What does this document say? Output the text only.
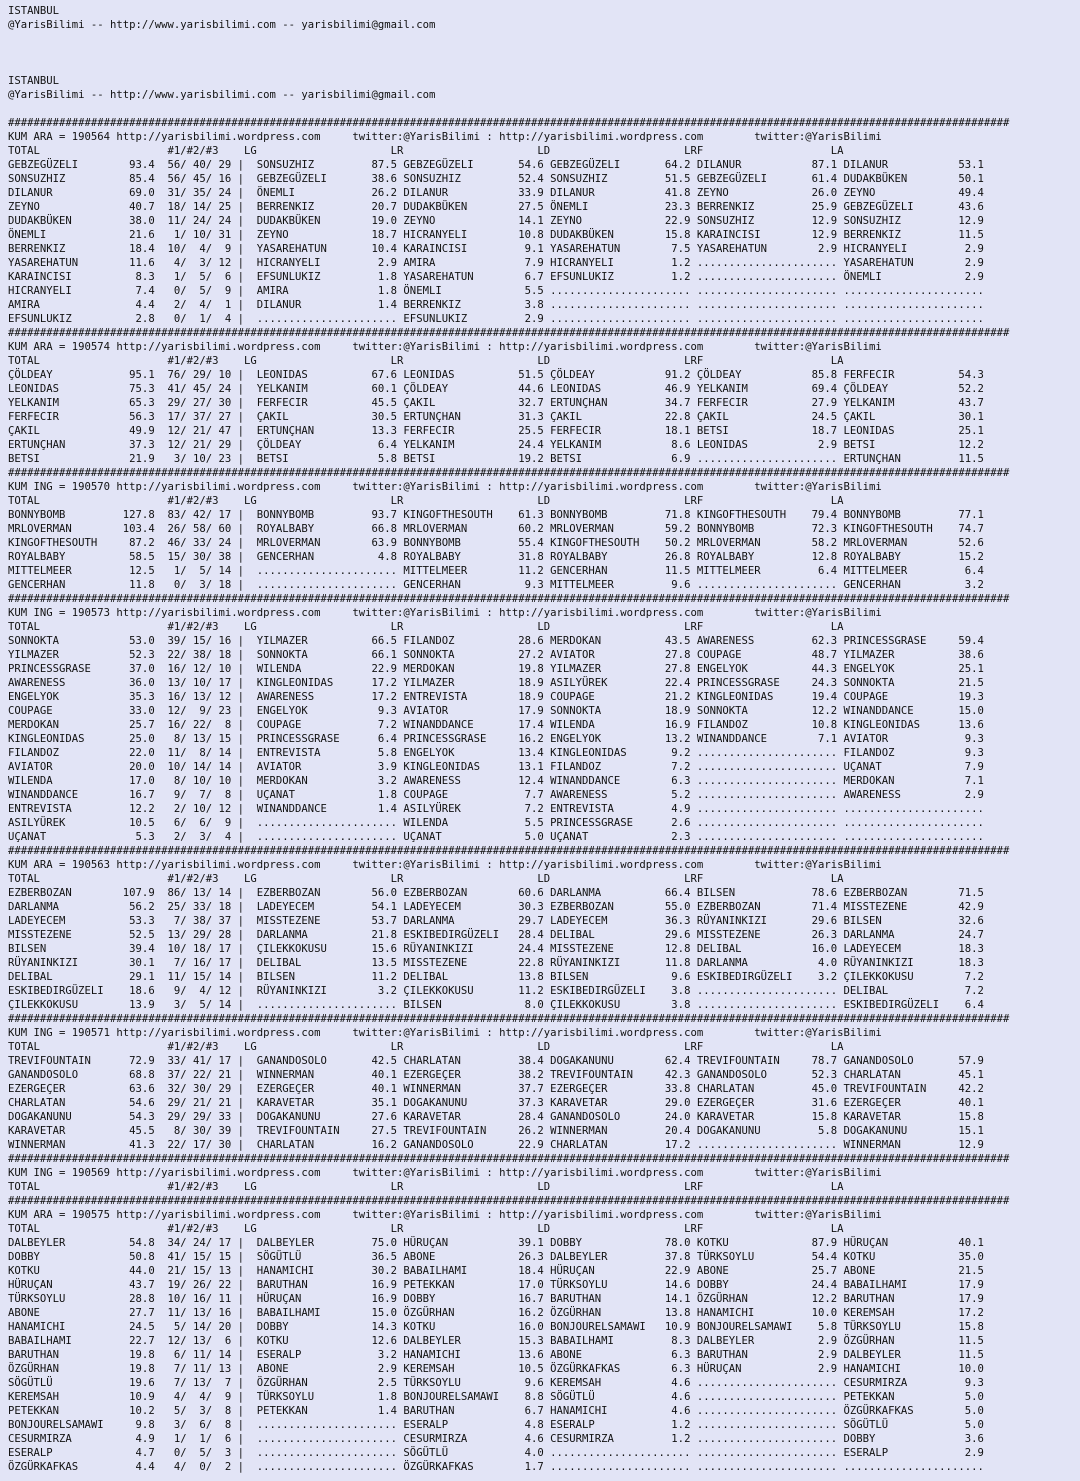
ISTANBUL
@YarisBilimi -- http://www.yarisbilimi.com -- yarisbilimi@gmail.com
ISTANBUL
@YarisBilimi -- http://www.yarisbilimi.com -- yarisbilimi@gmail.com
#############################################################################################################################################################
KUM ARA = 190564 http://yarisbilimi.wordpress.com     twitter:@YarisBilimi : http://yarisbilimi.wordpress.com        twitter:@YarisBilimi
TOTAL                    #1/#2/#3    LG                     LR                     LD                     LRF                    LA
GEBZEGÜZELI        93.4  56/ 40/ 29 |  SONSUZHIZ         87.5 GEBZEGÜZELI       54.6 GEBZEGÜZELI       64.2 DILANUR           87.1 DILANUR           53.1
SONSUZHIZ          85.4  56/ 45/ 16 |  GEBZEGÜZELI       38.6 SONSUZHIZ         52.4 SONSUZHIZ         51.5 GEBZEGÜZELI       61.4 DUDAKBÜKEN        50.1
DILANUR            69.0  31/ 35/ 24 |  ÖNEMLI            26.2 DILANUR           33.9 DILANUR           41.8 ZEYNO             26.0 ZEYNO             49.4
ZEYNO              40.7  18/ 14/ 25 |  BERRENKIZ         20.7 DUDAKBÜKEN        27.5 ÖNEMLI            23.3 BERRENKIZ         25.9 GEBZEGÜZELI       43.6
DUDAKBÜKEN         38.0  11/ 24/ 24 |  DUDAKBÜKEN        19.0 ZEYNO             14.1 ZEYNO             22.9 SONSUZHIZ         12.9 SONSUZHIZ         12.9
ÖNEMLI             21.6   1/ 10/ 31 |  ZEYNO             18.7 HICRANYELI        10.8 DUDAKBÜKEN        15.8 KARAINCISI        12.9 BERRENKIZ         11.5
BERRENKIZ          18.4  10/  4/  9 |  YASAREHATUN       10.4 KARAINCISI         9.1 YASAREHATUN        7.5 YASAREHATUN        2.9 HICRANYELI         2.9
YASAREHATUN        11.6   4/  3/ 12 |  HICRANYELI         2.9 AMIRA              7.9 HICRANYELI         1.2 ...................... YASAREHATUN        2.9
KARAINCISI          8.3   1/  5/  6 |  EFSUNLUKIZ         1.8 YASAREHATUN        6.7 EFSUNLUKIZ         1.2 ...................... ÖNEMLI             2.9
HICRANYELI          7.4   0/  5/  9 |  AMIRA              1.8 ÖNEMLI             5.5 ...................... ...................... ......................
AMIRA               4.4   2/  4/  1 |  DILANUR            1.4 BERRENKIZ          3.8 ...................... ...................... ......................
EFSUNLUKIZ          2.8   0/  1/  4 |  ...................... EFSUNLUKIZ         2.9 ...................... ...................... ......................
#############################################################################################################################################################
KUM ARA = 190574 http://yarisbilimi.wordpress.com     twitter:@YarisBilimi : http://yarisbilimi.wordpress.com        twitter:@YarisBilimi
TOTAL                    #1/#2/#3    LG                     LR                     LD                     LRF                    LA
ÇÖLDEAY            95.1  76/ 29/ 10 |  LEONIDAS          67.6 LEONIDAS          51.5 ÇÖLDEAY           91.2 ÇÖLDEAY           85.8 FERFECIR          54.3
LEONIDAS           75.3  41/ 45/ 24 |  YELKANIM          60.1 ÇÖLDEAY           44.6 LEONIDAS          46.9 YELKANIM          69.4 ÇÖLDEAY           52.2
YELKANIM           65.3  29/ 27/ 30 |  FERFECIR          45.5 ÇAKIL             32.7 ERTUNÇHAN         34.7 FERFECIR          27.9 YELKANIM          43.7
FERFECIR           56.3  17/ 37/ 27 |  ÇAKIL             30.5 ERTUNÇHAN         31.3 ÇAKIL             22.8 ÇAKIL             24.5 ÇAKIL             30.1
ÇAKIL              49.9  12/ 21/ 47 |  ERTUNÇHAN         13.3 FERFECIR          25.5 FERFECIR          18.1 BETSI             18.7 LEONIDAS          25.1
ERTUNÇHAN          37.3  12/ 21/ 29 |  ÇÖLDEAY            6.4 YELKANIM          24.4 YELKANIM           8.6 LEONIDAS           2.9 BETSI             12.2
BETSI              21.9   3/ 10/ 23 |  BETSI              5.8 BETSI             19.2 BETSI              6.9 ...................... ERTUNÇHAN         11.5
#############################################################################################################################################################
KUM ING = 190570 http://yarisbilimi.wordpress.com     twitter:@YarisBilimi : http://yarisbilimi.wordpress.com        twitter:@YarisBilimi
TOTAL                    #1/#2/#3    LG                     LR                     LD                     LRF                    LA
BONNYBOMB         127.8  83/ 42/ 17 |  BONNYBOMB         93.7 KINGOFTHESOUTH    61.3 BONNYBOMB         71.8 KINGOFTHESOUTH    79.4 BONNYBOMB         77.1
MRLOVERMAN        103.4  26/ 58/ 60 |  ROYALBABY         66.8 MRLOVERMAN        60.2 MRLOVERMAN        59.2 BONNYBOMB         72.3 KINGOFTHESOUTH    74.7
KINGOFTHESOUTH     87.2  46/ 33/ 24 |  MRLOVERMAN        63.9 BONNYBOMB         55.4 KINGOFTHESOUTH    50.2 MRLOVERMAN        58.2 MRLOVERMAN        52.6
ROYALBABY          58.5  15/ 30/ 38 |  GENCERHAN          4.8 ROYALBABY         31.8 ROYALBABY         26.8 ROYALBABY         12.8 ROYALBABY         15.2
MITTELMEER         12.5   1/  5/ 14 |  ...................... MITTELMEER        11.2 GENCERHAN         11.5 MITTELMEER         6.4 MITTELMEER         6.4
GENCERHAN          11.8   0/  3/ 18 |  ...................... GENCERHAN          9.3 MITTELMEER         9.6 ...................... GENCERHAN          3.2
#############################################################################################################################################################
KUM ING = 190573 http://yarisbilimi.wordpress.com     twitter:@YarisBilimi : http://yarisbilimi.wordpress.com        twitter:@YarisBilimi
TOTAL                    #1/#2/#3    LG                     LR                     LD                     LRF                    LA
SONNOKTA           53.0  39/ 15/ 16 |  YILMAZER          66.5 FILANDOZ          28.6 MERDOKAN          43.5 AWARENESS         62.3 PRINCESSGRASE     59.4
YILMAZER           52.3  22/ 38/ 18 |  SONNOKTA          66.1 SONNOKTA          27.2 AVIATOR           27.8 COUPAGE           48.7 YILMAZER          38.6
PRINCESSGRASE      37.0  16/ 12/ 10 |  WILENDA           22.9 MERDOKAN          19.8 YILMAZER          27.8 ENGELYOK          44.3 ENGELYOK          25.1
AWARENESS          36.0  13/ 10/ 17 |  KINGLEONIDAS      17.2 YILMAZER          18.9 ASILYÜREK         22.4 PRINCESSGRASE     24.3 SONNOKTA          21.5
ENGELYOK           35.3  16/ 13/ 12 |  AWARENESS         17.2 ENTREVISTA        18.9 COUPAGE           21.2 KINGLEONIDAS      19.4 COUPAGE           19.3
COUPAGE            33.0  12/  9/ 23 |  ENGELYOK           9.3 AVIATOR           17.9 SONNOKTA          18.9 SONNOKTA          12.2 WINANDDANCE       15.0
MERDOKAN           25.7  16/ 22/  8 |  COUPAGE            7.2 WINANDDANCE       17.4 WILENDA           16.9 FILANDOZ          10.8 KINGLEONIDAS      13.6
KINGLEONIDAS       25.0   8/ 13/ 15 |  PRINCESSGRASE      6.4 PRINCESSGRASE     16.2 ENGELYOK          13.2 WINANDDANCE        7.1 AVIATOR            9.3
FILANDOZ           22.0  11/  8/ 14 |  ENTREVISTA         5.8 ENGELYOK          13.4 KINGLEONIDAS       9.2 ...................... FILANDOZ           9.3
AVIATOR            20.0  10/ 14/ 14 |  AVIATOR            3.9 KINGLEONIDAS      13.1 FILANDOZ           7.2 ...................... UÇANAT             7.9
WILENDA            17.0   8/ 10/ 10 |  MERDOKAN           3.2 AWARENESS         12.4 WINANDDANCE        6.3 ...................... MERDOKAN           7.1
WINANDDANCE        16.7   9/  7/  8 |  UÇANAT             1.8 COUPAGE            7.7 AWARENESS          5.2 ...................... AWARENESS          2.9
ENTREVISTA         12.2   2/ 10/ 12 |  WINANDDANCE        1.4 ASILYÜREK          7.2 ENTREVISTA         4.9 ...................... ......................
ASILYÜREK          10.5   6/  6/  9 |  ...................... WILENDA            5.5 PRINCESSGRASE      2.6 ...................... ......................
UÇANAT              5.3   2/  3/  4 |  ...................... UÇANAT             5.0 UÇANAT             2.3 ...................... ......................
#############################################################################################################################################################
KUM ARA = 190563 http://yarisbilimi.wordpress.com     twitter:@YarisBilimi : http://yarisbilimi.wordpress.com        twitter:@YarisBilimi
TOTAL                    #1/#2/#3    LG                     LR                     LD                     LRF                    LA
EZBERBOZAN        107.9  86/ 13/ 14 |  EZBERBOZAN        56.0 EZBERBOZAN        60.6 DARLANMA          66.4 BILSEN            78.6 EZBERBOZAN        71.5
DARLANMA           56.2  25/ 33/ 18 |  LADEYECEM         54.1 LADEYECEM         30.3 EZBERBOZAN        55.0 EZBERBOZAN        71.4 MISSTEZENE        42.9
LADEYECEM          53.3   7/ 38/ 37 |  MISSTEZENE        53.7 DARLANMA          29.7 LADEYECEM         36.3 RÜYANINKIZI       29.6 BILSEN            32.6
MISSTEZENE         52.5  13/ 29/ 28 |  DARLANMA          21.8 ESKIBEDIRGÜZELI   28.4 DELIBAL           29.6 MISSTEZENE        26.3 DARLANMA          24.7
BILSEN             39.4  10/ 18/ 17 |  ÇILEKKOKUSU       15.6 RÜYANINKIZI       24.4 MISSTEZENE        12.8 DELIBAL           16.0 LADEYECEM         18.3
RÜYANINKIZI        30.1   7/ 16/ 17 |  DELIBAL           13.5 MISSTEZENE        22.8 RÜYANINKIZI       11.8 DARLANMA           4.0 RÜYANINKIZI       18.3
DELIBAL            29.1  11/ 15/ 14 |  BILSEN            11.2 DELIBAL           13.8 BILSEN             9.6 ESKIBEDIRGÜZELI    3.2 ÇILEKKOKUSU        7.2
ESKIBEDIRGÜZELI    18.6   9/  4/ 12 |  RÜYANINKIZI        3.2 ÇILEKKOKUSU       11.2 ESKIBEDIRGÜZELI    3.8 ...................... DELIBAL            7.2
ÇILEKKOKUSU        13.9   3/  5/ 14 |  ...................... BILSEN             8.0 ÇILEKKOKUSU        3.8 ...................... ESKIBEDIRGÜZELI    6.4
#############################################################################################################################################################
KUM ING = 190571 http://yarisbilimi.wordpress.com     twitter:@YarisBilimi : http://yarisbilimi.wordpress.com        twitter:@YarisBilimi
TOTAL                    #1/#2/#3    LG                     LR                     LD                     LRF                    LA
TREVIFOUNTAIN      72.9  33/ 41/ 17 |  GANANDOSOLO       42.5 CHARLATAN         38.4 DOGAKANUNU        62.4 TREVIFOUNTAIN     78.7 GANANDOSOLO       57.9
GANANDOSOLO        68.8  37/ 22/ 21 |  WINNERMAN         40.1 EZERGEÇER         38.2 TREVIFOUNTAIN     42.3 GANANDOSOLO       52.3 CHARLATAN         45.1
EZERGEÇER          63.6  32/ 30/ 29 |  EZERGEÇER         40.1 WINNERMAN         37.7 EZERGEÇER         33.8 CHARLATAN         45.0 TREVIFOUNTAIN     42.2
CHARLATAN          54.6  29/ 21/ 21 |  KARAVETAR         35.1 DOGAKANUNU        37.3 KARAVETAR         29.0 EZERGEÇER         31.6 EZERGEÇER         40.1
DOGAKANUNU         54.3  29/ 29/ 33 |  DOGAKANUNU        27.6 KARAVETAR         28.4 GANANDOSOLO       24.0 KARAVETAR         15.8 KARAVETAR         15.8
KARAVETAR          45.5   8/ 30/ 39 |  TREVIFOUNTAIN     27.5 TREVIFOUNTAIN     26.2 WINNERMAN         20.4 DOGAKANUNU         5.8 DOGAKANUNU        15.1
WINNERMAN          41.3  22/ 17/ 30 |  CHARLATAN         16.2 GANANDOSOLO       22.9 CHARLATAN         17.2 ...................... WINNERMAN         12.9
#############################################################################################################################################################
KUM ING = 190569 http://yarisbilimi.wordpress.com     twitter:@YarisBilimi : http://yarisbilimi.wordpress.com        twitter:@YarisBilimi
TOTAL                    #1/#2/#3    LG                     LR                     LD                     LRF                    LA
#############################################################################################################################################################
KUM ARA = 190575 http://yarisbilimi.wordpress.com     twitter:@YarisBilimi : http://yarisbilimi.wordpress.com        twitter:@YarisBilimi
TOTAL                    #1/#2/#3    LG                     LR                     LD                     LRF                    LA
DALBEYLER          54.8  34/ 24/ 17 |  DALBEYLER         75.0 HÜRUÇAN           39.1 DOBBY             78.0 KOTKU             87.9 HÜRUÇAN           40.1
DOBBY              50.8  41/ 15/ 15 |  SÖGÜTLÜ           36.5 ABONE             26.3 DALBEYLER         37.8 TÜRKSOYLU         54.4 KOTKU             35.0
KOTKU              44.0  21/ 15/ 13 |  HANAMICHI         30.2 BABAILHAMI        18.4 HÜRUÇAN           22.9 ABONE             25.7 ABONE             21.5
HÜRUÇAN            43.7  19/ 26/ 22 |  BARUTHAN          16.9 PETEKKAN          17.0 TÜRKSOYLU         14.6 DOBBY             24.4 BABAILHAMI        17.9
TÜRKSOYLU          28.8  10/ 16/ 11 |  HÜRUÇAN           16.9 DOBBY             16.7 BARUTHAN          14.1 ÖZGÜRHAN          12.2 BARUTHAN          17.9
ABONE              27.7  11/ 13/ 16 |  BABAILHAMI        15.0 ÖZGÜRHAN          16.2 ÖZGÜRHAN          13.8 HANAMICHI         10.0 KEREMSAH          17.2
HANAMICHI          24.5   5/ 14/ 20 |  DOBBY             14.3 KOTKU             16.0 BONJOURELSAMAWI   10.9 BONJOURELSAMAWI    5.8 TÜRKSOYLU         15.8
BABAILHAMI         22.7  12/ 13/  6 |  KOTKU             12.6 DALBEYLER         15.3 BABAILHAMI         8.3 DALBEYLER          2.9 ÖZGÜRHAN          11.5
BARUTHAN           19.8   6/ 11/ 14 |  ESERALP            3.2 HANAMICHI         13.6 ABONE              6.3 BARUTHAN           2.9 DALBEYLER         11.5
ÖZGÜRHAN           19.8   7/ 11/ 13 |  ABONE              2.9 KEREMSAH          10.5 ÖZGÜRKAFKAS        6.3 HÜRUÇAN            2.9 HANAMICHI         10.0
SÖGÜTLÜ            19.6   7/ 13/  7 |  ÖZGÜRHAN           2.5 TÜRKSOYLU          9.6 KEREMSAH           4.6 ...................... CESURMIRZA         9.3
KEREMSAH           10.9   4/  4/  9 |  TÜRKSOYLU          1.8 BONJOURELSAMAWI    8.8 SÖGÜTLÜ            4.6 ...................... PETEKKAN           5.0
PETEKKAN           10.2   5/  3/  8 |  PETEKKAN           1.4 BARUTHAN           6.7 HANAMICHI          4.6 ...................... ÖZGÜRKAFKAS        5.0
BONJOURELSAMAWI     9.8   3/  6/  8 |  ...................... ESERALP            4.8 ESERALP            1.2 ...................... SÖGÜTLÜ            5.0
CESURMIRZA          4.9   1/  1/  6 |  ...................... CESURMIRZA         4.6 CESURMIRZA         1.2 ...................... DOBBY              3.6
ESERALP             4.7   0/  5/  3 |  ...................... SÖGÜTLÜ            4.0 ...................... ...................... ESERALP            2.9
ÖZGÜRKAFKAS         4.4   4/  0/  2 |  ...................... ÖZGÜRKAFKAS        1.7 ...................... ...................... ......................
